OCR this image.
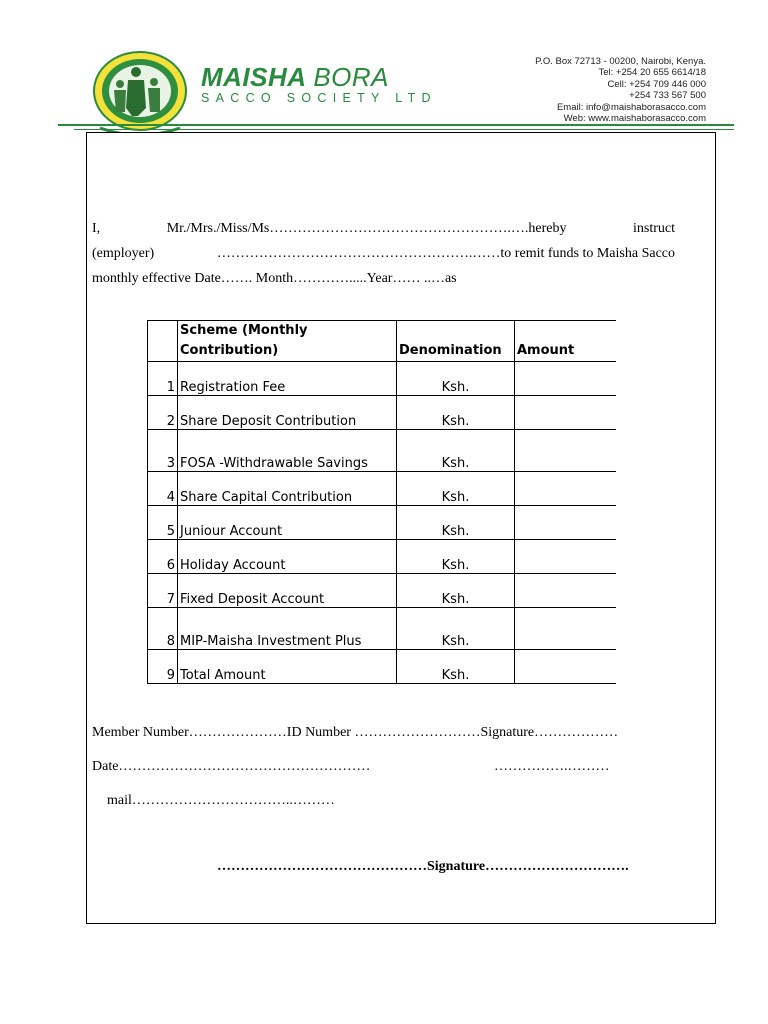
MAISHA BORA
SACCO SOCIETY LTD
P.O. Box 72713 - 00200, Nairobi, Kenya.
Tel: +254 20 655 6614/18
Cell: +254 709 446 000
+254 733 567 500
Email: info@maishaborasacco.com
Web: www.maishaborasacco.com
I,	Mr./Mrs./Miss/Ms…………………………………………….….hereby	instruct
(employer)	……………………………………………….……to remit funds to Maisha Sacco
monthly effective Date……. Month………….....Year…… ..…as
	Scheme (Monthly Contribution)	Denomination	Amount
1	Registration Fee	Ksh.	
2	Share Deposit Contribution	Ksh.	
3	FOSA -Withdrawable Savings	Ksh.	
4	Share Capital Contribution	Ksh.	
5	Juniour Account	Ksh.	
6	Holiday Account	Ksh.	
7	Fixed Deposit Account	Ksh.	
8	MIP-Maisha Investment Plus	Ksh.	
9	Total Amount	Ksh.	
Member Number…………………ID Number ………………………Signature………………
Date………………………………………………	…………….………
mail……………………………..………
………………………………………Signature………………………….
